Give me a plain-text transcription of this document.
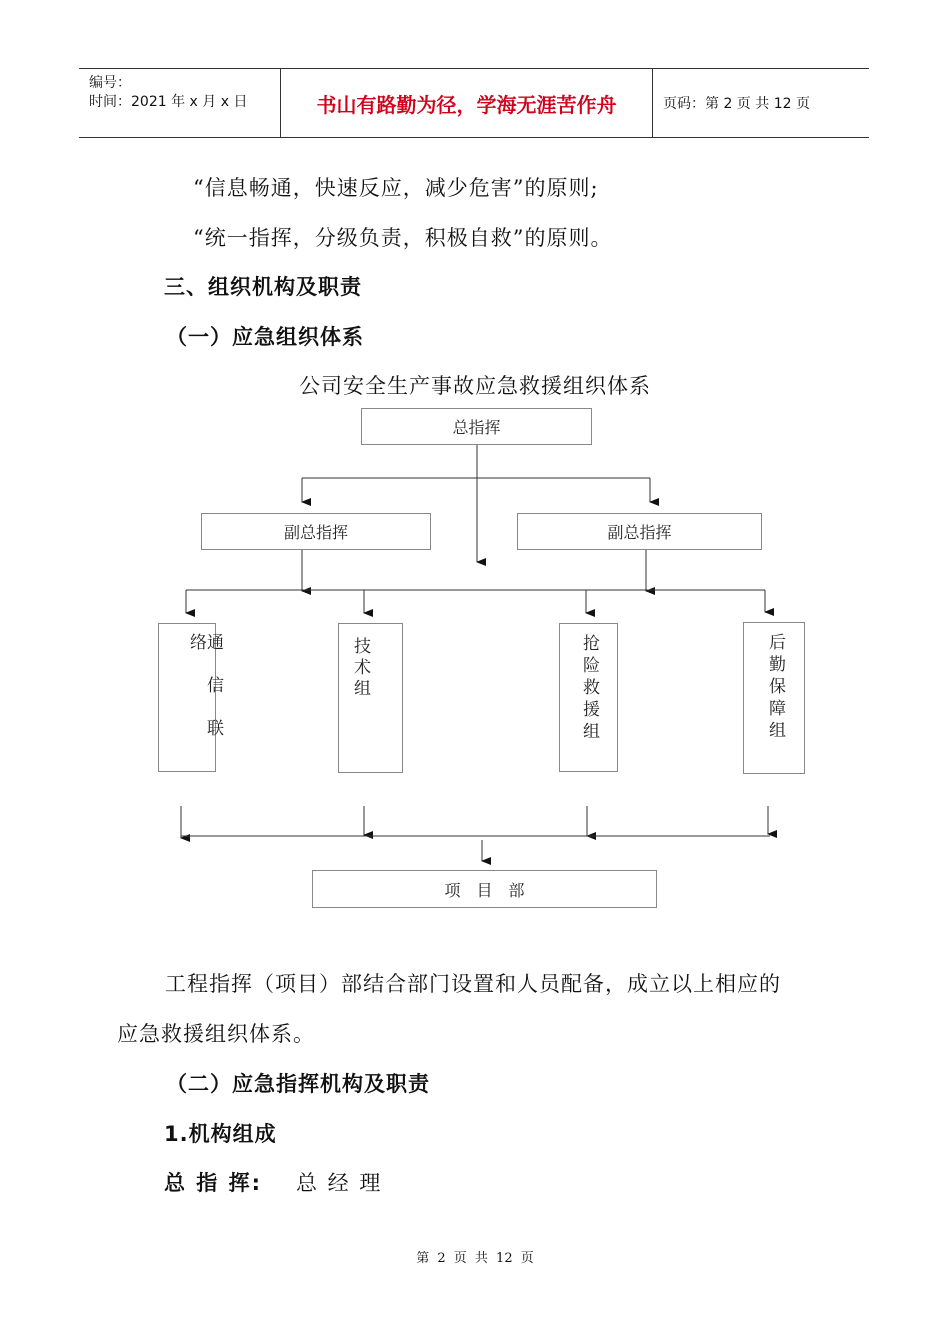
编号：
时间：2021 年 x 月 x 日	书山有路勤为径，学海无涯苦作舟	页码：第 2 页 共 12 页
“信息畅通，快速反应，减少危害”的原则;
“统一指挥，分级负责，积极自救”的原则。
三、组织机构及职责
（一）应急组织体系
公司安全生产事故应急救援组织体系
总指挥
副总指挥	副总指挥
通信联络	技术组	抢险救援组	后勤保障组
项　目　部
工程指挥（项目）部结合部门设置和人员配备，成立以上相应的
应急救援组织体系。
（二）应急指挥机构及职责
1.机构组成
总 指 挥: 总 经 理
第 2 页 共 12 页
